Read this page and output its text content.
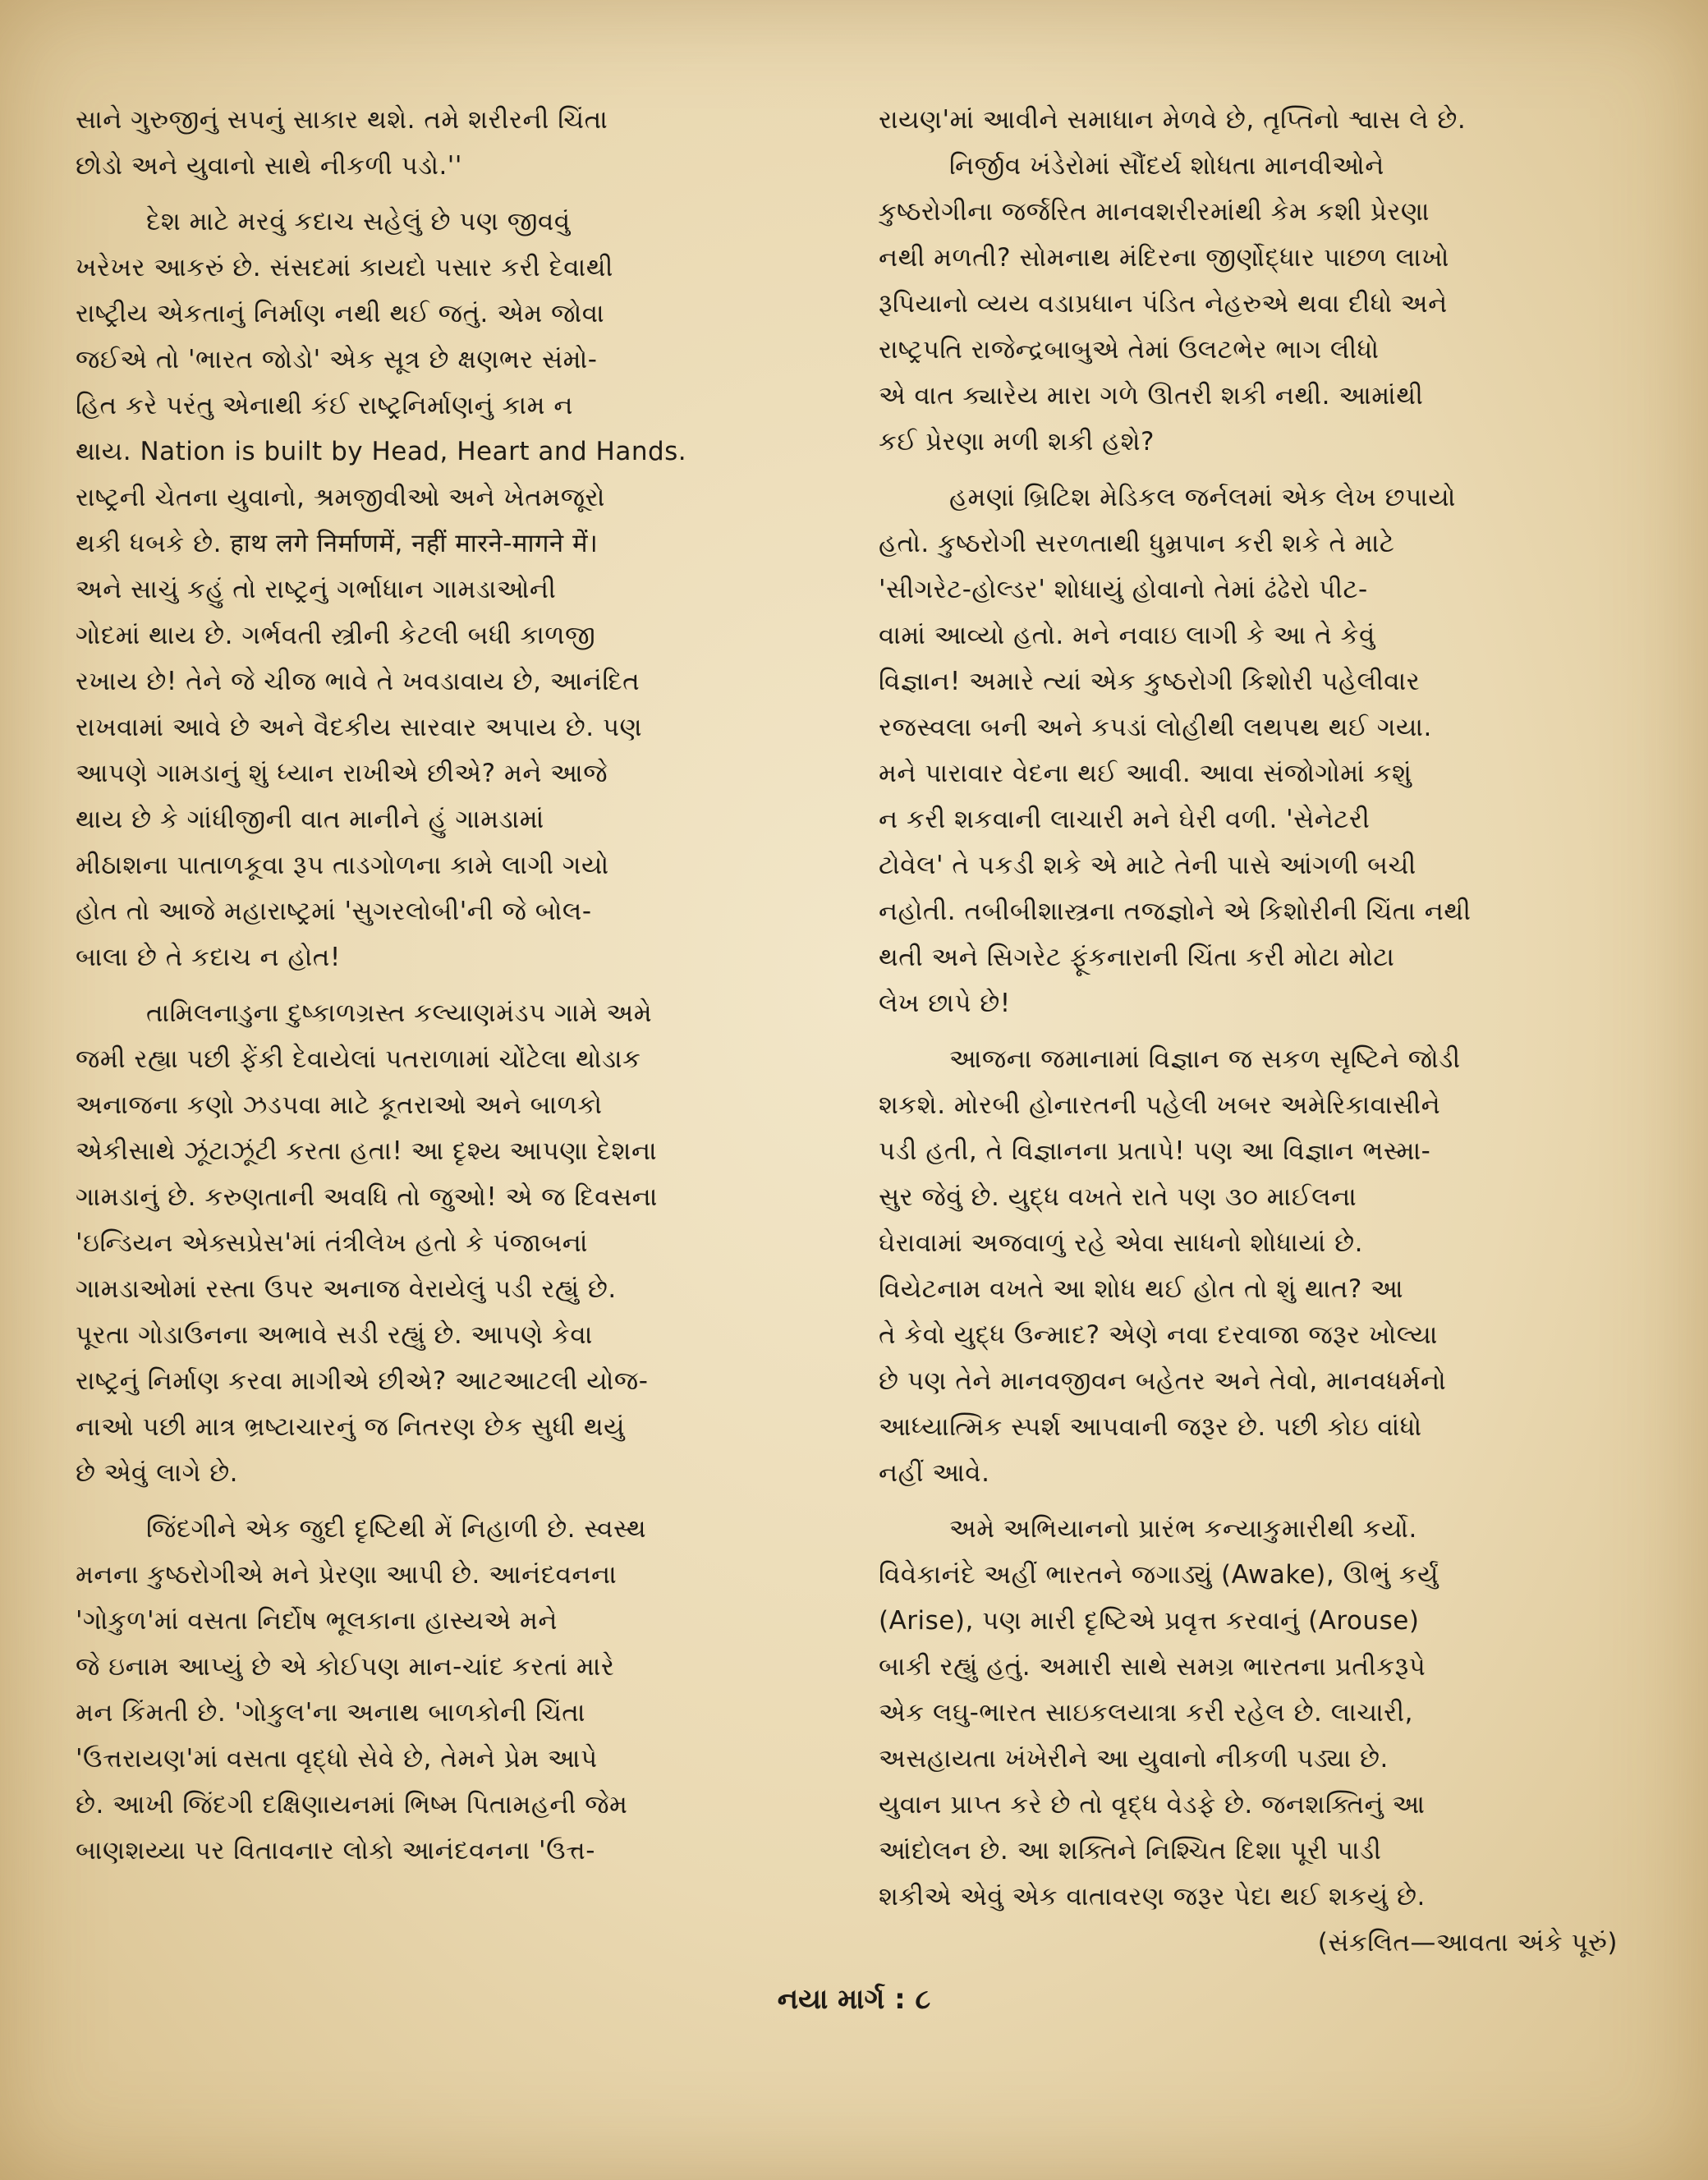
સાને ગુરુજીનું સપનું સાકાર થશે. તમે શરીરની ચિંતા
છોડો અને યુવાનો સાથે નીકળી પડો.''
દેશ માટે મરવું કદાચ સહેલું છે પણ જીવવું
ખરેખર આકરું છે. સંસદમાં કાયદો પસાર કરી દેવાથી
રાષ્ટ્રીય એકતાનું નિર્માણ નથી થઈ જતું. એમ જોવા
જઈએ તો 'ભારત જોડો' એક સૂત્ર છે ક્ષણભર સંમો-
હિત કરે પરંતુ એનાથી કંઈ રાષ્ટ્રનિર્માણનું કામ ન
થાય. Nation is built by Head, Heart and Hands.
રાષ્ટ્રની ચેતના યુવાનો, શ્રમજીવીઓ અને ખેતમજૂરો
થકી ધબકે છે. हाथ लगे निर्माणमें, नहीं मारने-मागने में।
અને સાચું કહું તો રાષ્ટ્રનું ગર્ભાધાન ગામડાઓની
ગોદમાં થાય છે. ગર્ભવતી સ્ત્રીની કેટલી બધી કાળજી
રખાય છે! તેને જે ચીજ ભાવે તે ખવડાવાય છે, આનંદિત
રાખવામાં આવે છે અને વૈદકીય સારવાર અપાય છે. પણ
આપણે ગામડાનું શું ધ્યાન રાખીએ છીએ? મને આજે
થાય છે કે ગાંધીજીની વાત માનીને હું ગામડામાં
મીઠાશના પાતાળકૂવા રૂપ તાડગોળના કામે લાગી ગયો
હોત તો આજે મહારાષ્ટ્રમાં 'સુગરલોબી'ની જે બોલ-
બાલા છે તે કદાચ ન હોત!
તામિલનાડુના દુષ્કાળગ્રસ્ત કલ્યાણમંડપ ગામે અમે
જમી રહ્યા પછી ફેંકી દેવાયેલાં પતરાળામાં ચોંટેલા થોડાક
અનાજના કણો ઝડપવા માટે કૂતરાઓ અને બાળકો
એકીસાથે ઝૂંટાઝૂંટી કરતા હતા! આ દૃશ્ય આપણા દેશના
ગામડાનું છે. કરુણતાની અવધિ તો જુઓ! એ જ દિવસના
'ઇન્ડિયન એક્સપ્રેસ'માં તંત્રીલેખ હતો કે પંજાબનાં
ગામડાઓમાં રસ્તા ઉપર અનાજ વેરાયેલું પડી રહ્યું છે.
પૂરતા ગોડાઉનના અભાવે સડી રહ્યું છે. આપણે કેવા
રાષ્ટ્રનું નિર્માણ કરવા માગીએ છીએ? આટઆટલી યોજ-
નાઓ પછી માત્ર ભ્રષ્ટાચારનું જ નિતરણ છેક સુધી થયું
છે એવું લાગે છે.
જિંદગીને એક જુદી દૃષ્ટિથી મેં નિહાળી છે. સ્વસ્થ
મનના કુષ્ઠરોગીએ મને પ્રેરણા આપી છે. આનંદવનના
'ગોકુળ'માં વસતા નિર્દોષ ભૂલકાના હાસ્યએ મને
જે ઇનામ આપ્યું છે એ કોઈપણ માન-ચાંદ કરતાં મારે
મન કિંમતી છે. 'ગોકુલ'ના અનાથ બાળકોની ચિંતા
'ઉત્તરાયણ'માં વસતા વૃદ્ધો સેવે છે, તેમને પ્રેમ આપે
છે. આખી જિંદગી દક્ષિણાયનમાં ભિષ્મ પિતામહની જેમ
બાણશય્યા પર વિતાવનાર લોકો આનંદવનના 'ઉત્ત-
રાયણ'માં આવીને સમાધાન મેળવે છે, તૃપ્તિનો શ્વાસ લે છે.
નિર્જીવ ખંડેરોમાં સૌંદર્ય શોધતા માનવીઓને
કુષ્ઠરોગીના જર્જરિત માનવશરીરમાંથી કેમ કશી પ્રેરણા
નથી મળતી? સોમનાથ મંદિરના જીર્ણોદ્ધાર પાછળ લાખો
રૂપિયાનો વ્યય વડાપ્રધાન પંડિત નેહરુએ થવા દીધો અને
રાષ્ટ્રપતિ રાજેન્દ્રબાબુએ તેમાં ઉલટભેર ભાગ લીધો
એ વાત ક્યારેય મારા ગળે ઊતરી શકી નથી. આમાંથી
કઈ પ્રેરણા મળી શકી હશે?
હમણાં બ્રિટિશ મેડિકલ જર્નલમાં એક લેખ છપાયો
હતો. કુષ્ઠરોગી સરળતાથી ધુમ્રપાન કરી શકે તે માટે
'સીગરેટ-હોલ્ડર' શોધાયું હોવાનો તેમાં ઢંઢેરો પીટ-
વામાં આવ્યો હતો. મને નવાઇ લાગી કે આ તે કેવું
વિજ્ઞાન! અમારે ત્યાં એક કુષ્ઠરોગી કિશોરી પહેલીવાર
રજસ્વલા બની અને કપડાં લોહીથી લથપથ થઈ ગયા.
મને પારાવાર વેદના થઈ આવી. આવા સંજોગોમાં કશું
ન કરી શકવાની લાચારી મને ઘેરી વળી. 'સેનેટરી
ટોવેલ' તે પકડી શકે એ માટે તેની પાસે આંગળી બચી
નહોતી. તબીબીશાસ્ત્રના તજજ્ઞોને એ કિશોરીની ચિંતા નથી
થતી અને સિગરેટ ફૂંકનારાની ચિંતા કરી મોટા મોટા
લેખ છાપે છે!
આજના જમાનામાં વિજ્ઞાન જ સકળ સૃષ્ટિને જોડી
શકશે. મોરબી હોનારતની પહેલી ખબર અમેરિકાવાસીને
પડી હતી, તે વિજ્ઞાનના પ્રતાપે! પણ આ વિજ્ઞાન ભસ્મા-
સુર જેવું છે. યુદ્ધ વખતે રાતે પણ ૩૦ માઈલના
ઘેરાવામાં અજવાળું રહે એવા સાધનો શોધાયાં છે.
વિયેટનામ વખતે આ શોધ થઈ હોત તો શું થાત? આ
તે કેવો યુદ્ધ ઉન્માદ? એણે નવા દરવાજા જરૂર ખોલ્યા
છે પણ તેને માનવજીવન બહેતર અને તેવો, માનવધર્મનો
આધ્યાત્મિક સ્પર્શ આપવાની જરૂર છે. પછી કોઇ વાંધો
નહીં આવે.
અમે અભિયાનનો પ્રારંભ કન્યાકુમારીથી કર્યો.
વિવેકાનંદે અહીં ભારતને જગાડ્યું (Awake), ઊભું કર્યું
(Arise), પણ મારી દૃષ્ટિએ પ્રવૃત્ત કરવાનું (Arouse)
બાકી રહ્યું હતું. અમારી સાથે સમગ્ર ભારતના પ્રતીકરૂપે
એક લઘુ-ભારત સાઇકલયાત્રા કરી રહેલ છે. લાચારી,
અસહાયતા ખંખેરીને આ યુવાનો નીકળી પડ્યા છે.
યુવાન પ્રાપ્ત કરે છે તો વૃદ્ધ વેડફે છે. જનશક્તિનું આ
આંદોલન છે. આ શક્તિને નિશ્ચિત દિશા પૂરી પાડી
શકીએ એવું એક વાતાવરણ જરૂર પેદા થઈ શકયું છે.
(સંકલિત—આવતા અંકે પૂરું)
નયા માર્ગ : ૮
